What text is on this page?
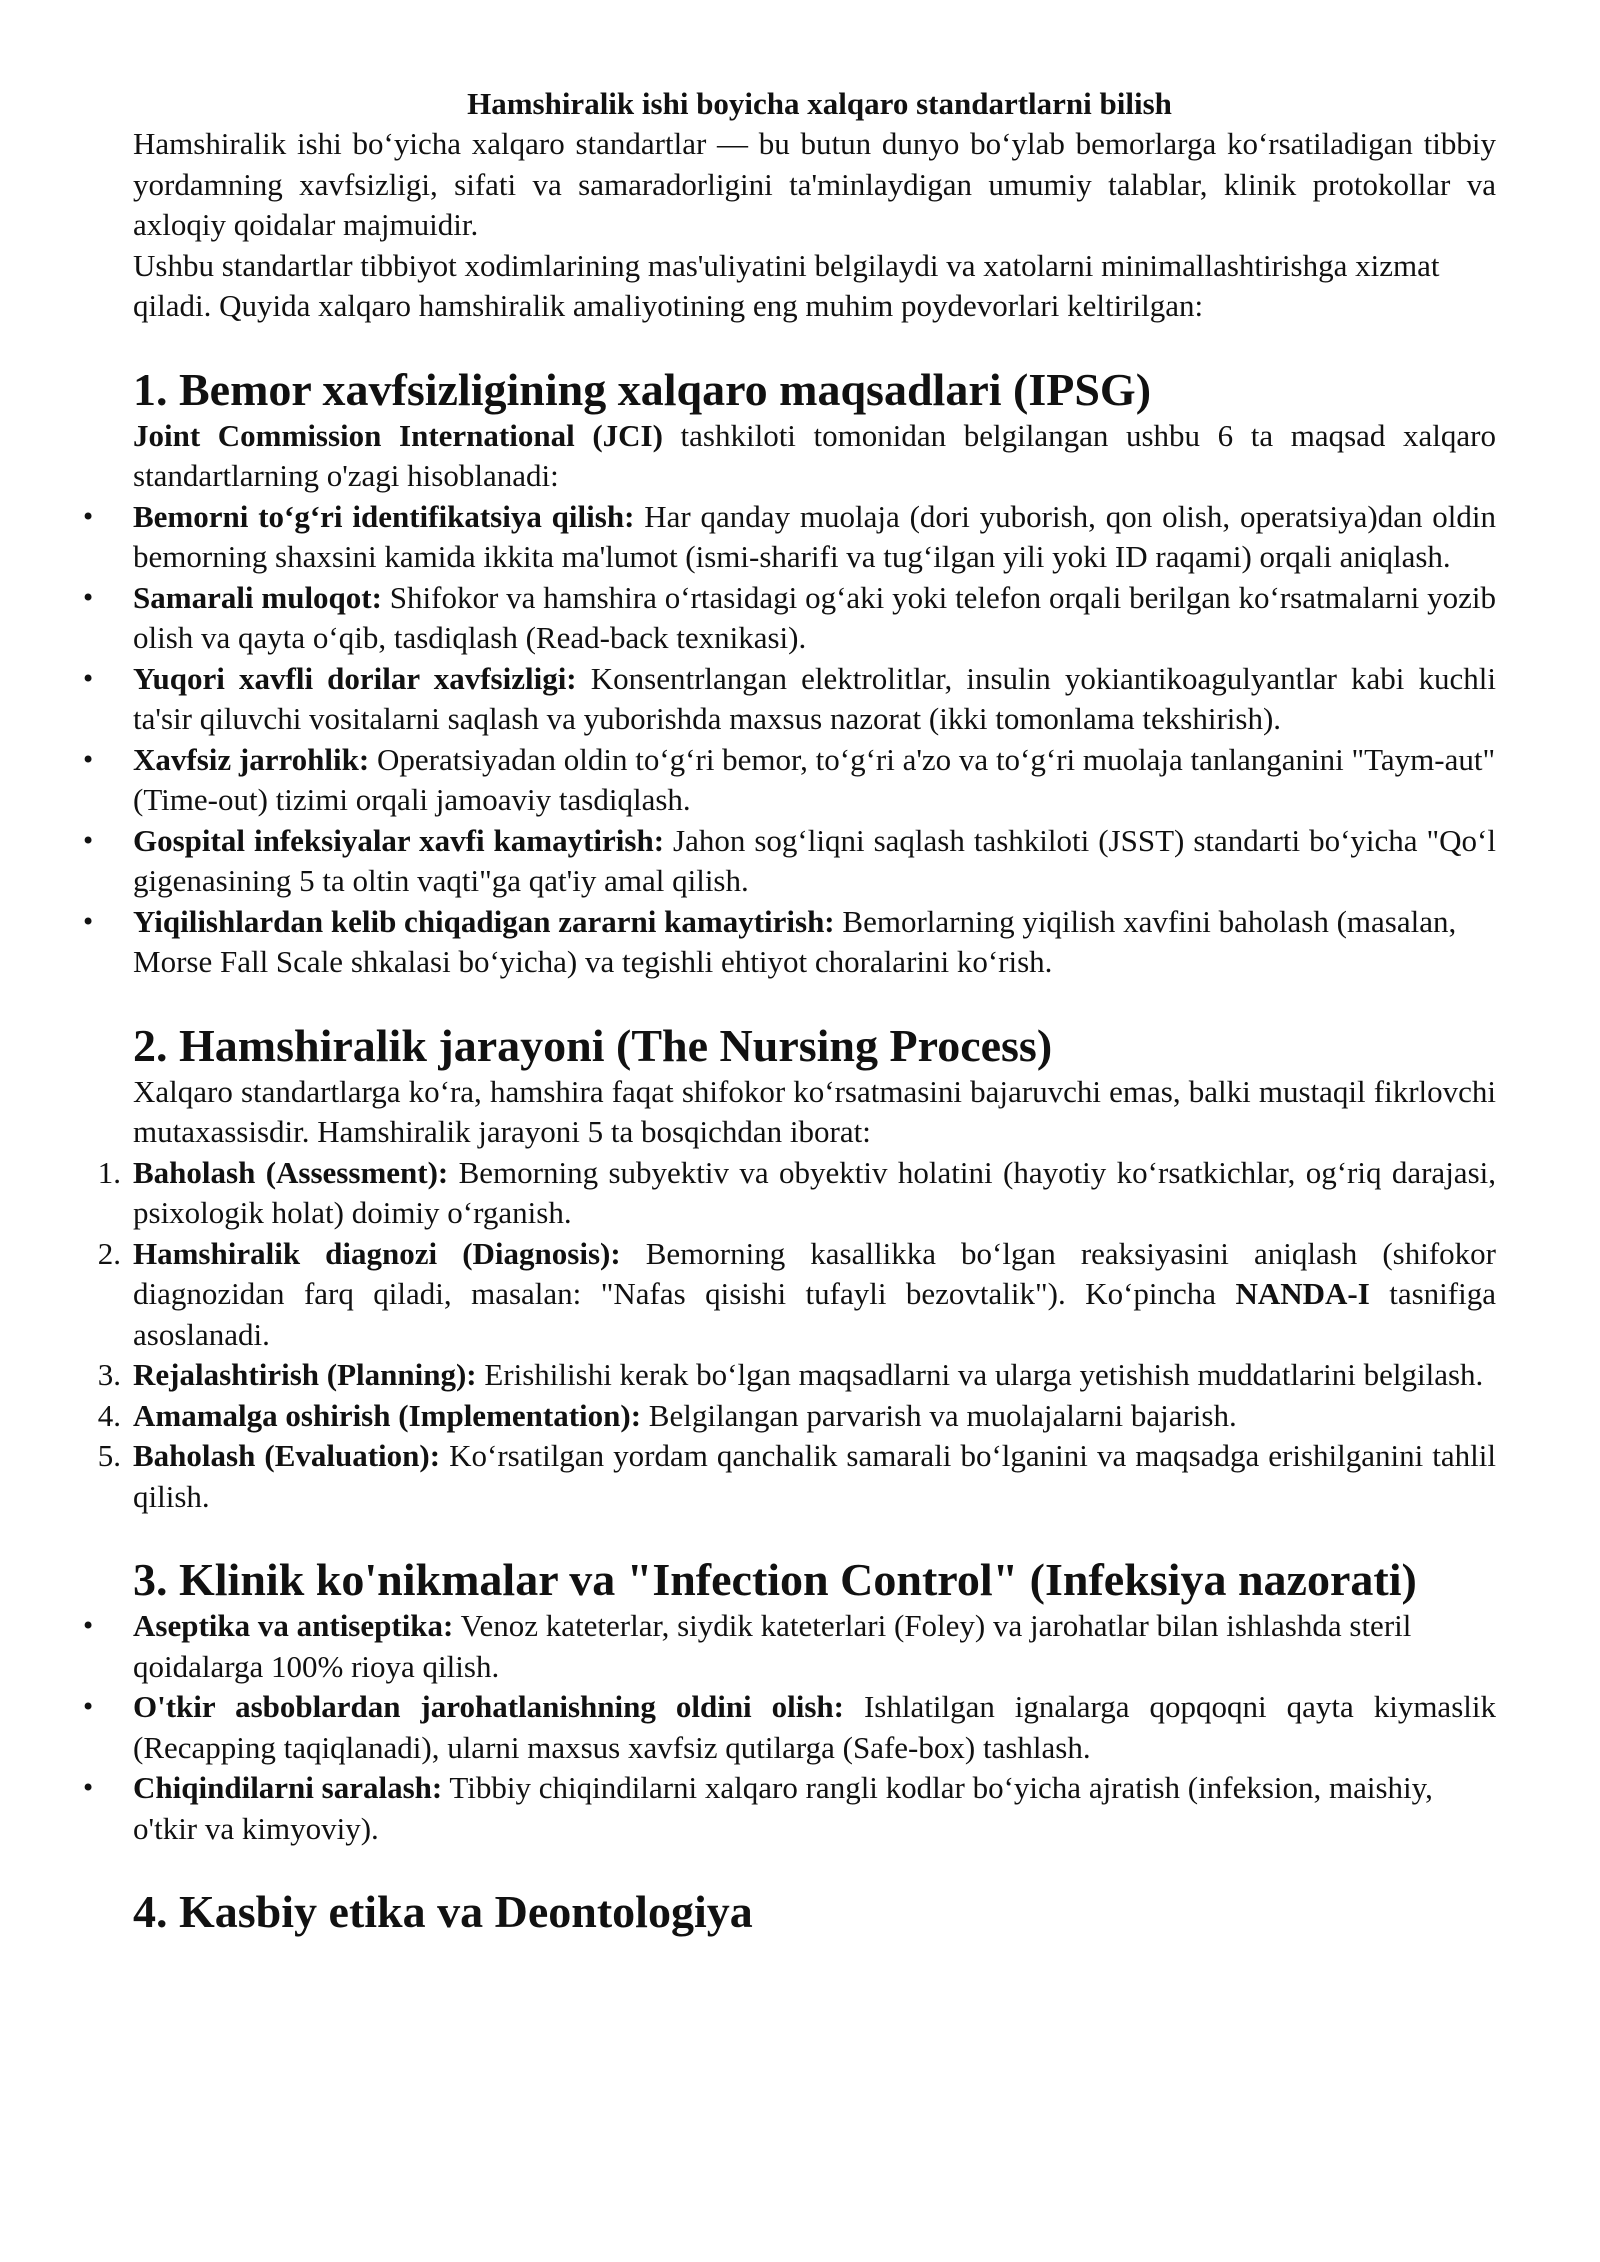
Hamshiralik ishi boyicha xalqaro standartlarni bilish

Hamshiralik ishi bo‘yicha xalqaro standartlar — bu butun dunyo bo‘ylab bemorlarga ko‘rsatiladigan tibbiy yordamning xavfsizligi, sifati va samaradorligini ta'minlaydigan umumiy talablar, klinik protokollar va axloqiy qoidalar majmuidir.

Ushbu standartlar tibbiyot xodimlarining mas'uliyatini belgilaydi va xatolarni minimallashtirishga xizmat qiladi. Quyida xalqaro hamshiralik amaliyotining eng muhim poydevorlari keltirilgan:

1. Bemor xavfsizligining xalqaro maqsadlari (IPSG)

Joint Commission International (JCI) tashkiloti tomonidan belgilangan ushbu 6 ta maqsad xalqaro standartlarning o'zagi hisoblanadi:

• Bemorni to‘g‘ri identifikatsiya qilish: Har qanday muolaja (dori yuborish, qon olish, operatsiya)dan oldin bemorning shaxsini kamida ikkita ma'lumot (ismi-sharifi va tug‘ilgan yili yoki ID raqami) orqali aniqlash.
• Samarali muloqot: Shifokor va hamshira o‘rtasidagi og‘aki yoki telefon orqali berilgan ko‘rsatmalarni yozib olish va qayta o‘qib, tasdiqlash (Read-back texnikasi).
• Yuqori xavfli dorilar xavfsizligi: Konsentrlangan elektrolitlar, insulin yokiantikoagulyantlar kabi kuchli ta'sir qiluvchi vositalarni saqlash va yuborishda maxsus nazorat (ikki tomonlama tekshirish).
• Xavfsiz jarrohlik: Operatsiyadan oldin to‘g‘ri bemor, to‘g‘ri a'zo va to‘g‘ri muolaja tanlanganini "Taym-aut" (Time-out) tizimi orqali jamoaviy tasdiqlash.
• Gospital infeksiyalar xavfi kamaytirish: Jahon sog‘liqni saqlash tashkiloti (JSST) standarti bo‘yicha "Qo‘l gigenasining 5 ta oltin vaqti"ga qat'iy amal qilish.
• Yiqilishlardan kelib chiqadigan zararni kamaytirish: Bemorlarning yiqilish xavfini baholash (masalan, Morse Fall Scale shkalasi bo‘yicha) va tegishli ehtiyot choralarini ko‘rish.
2. Hamshiralik jarayoni (The Nursing Process)

Xalqaro standartlarga ko‘ra, hamshira faqat shifokor ko‘rsatmasini bajaruvchi emas, balki mustaqil fikrlovchi mutaxassisdir. Hamshiralik jarayoni 5 ta bosqichdan iborat:

1. Baholash (Assessment): Bemorning subyektiv va obyektiv holatini (hayotiy ko‘rsatkichlar, og‘riq darajasi, psixologik holat) doimiy o‘rganish.
2. Hamshiralik diagnozi (Diagnosis): Bemorning kasallikka bo‘lgan reaksiyasini aniqlash (shifokor diagnozidan farq qiladi, masalan: "Nafas qisishi tufayli bezovtalik"). Ko‘pincha NANDA-I tasnifiga asoslanadi.
3. Rejalashtirish (Planning): Erishilishi kerak bo‘lgan maqsadlarni va ularga yetishish muddatlarini belgilash.
4. Amamalga oshirish (Implementation): Belgilangan parvarish va muolajalarni bajarish.
5. Baholash (Evaluation): Ko‘rsatilgan yordam qanchalik samarali bo‘lganini va maqsadga erishilganini tahlil qilish.
3. Klinik ko'nikmalar va "Infection Control" (Infeksiya nazorati)
• Aseptika va antiseptika: Venoz kateterlar, siydik kateterlari (Foley) va jarohatlar bilan ishlashda steril qoidalarga 100% rioya qilish.
• O'tkir asboblardan jarohatlanishning oldini olish: Ishlatilgan ignalarga qopqoqni qayta kiymaslik (Recapping taqiqlanadi), ularni maxsus xavfsiz qutilarga (Safe-box) tashlash.
• Chiqindilarni saralash: Tibbiy chiqindilarni xalqaro rangli kodlar bo‘yicha ajratish (infeksion, maishiy, o'tkir va kimyoviy).
4. Kasbiy etika va Deontologiya
